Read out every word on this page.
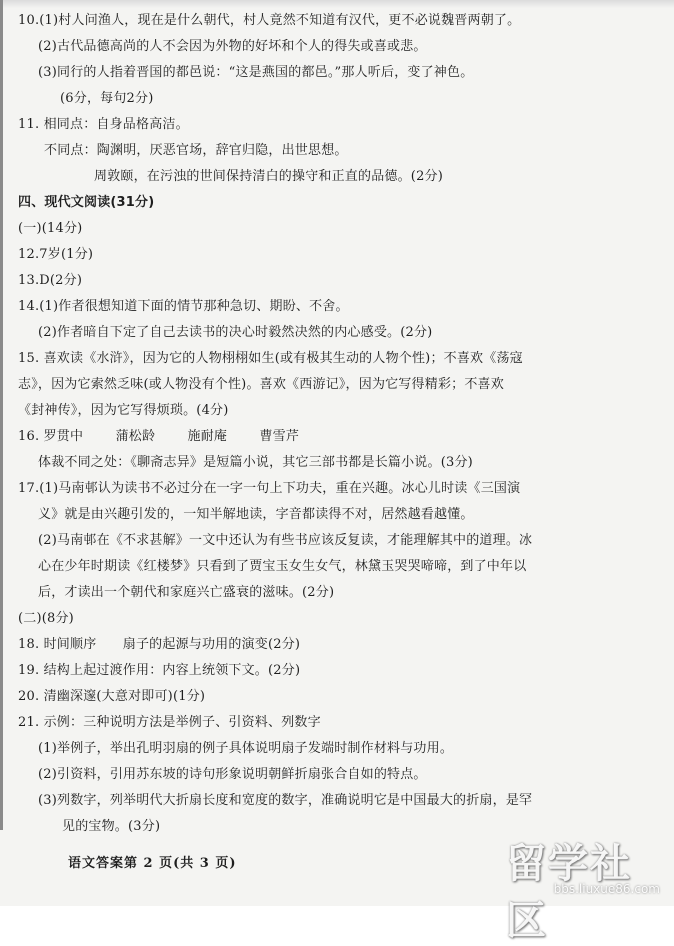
10.(1)村人问渔人，现在是什么朝代，村人竟然不知道有汉代，更不必说魏晋两朝了。
(2)古代品德高尚的人不会因为外物的好坏和个人的得失或喜或悲。
(3)同行的人指着晋国的都邑说：“这是燕国的都邑。”那人听后，变了神色。
(6分，每句2分)
11. 相同点：自身品格高洁。
不同点：陶渊明，厌恶官场，辞官归隐，出世思想。
周敦颐，在污浊的世间保持清白的操守和正直的品德。(2分)
四、现代文阅读(31分)
(一)(14分)
12.7岁(1分)
13.D(2分)
14.(1)作者很想知道下面的情节那种急切、期盼、不舍。
(2)作者暗自下定了自己去读书的决心时毅然决然的内心感受。(2分)
15. 喜欢读《水浒》，因为它的人物栩栩如生(或有极其生动的人物个性)；不喜欢《荡寇
志》，因为它索然乏味(或人物没有个性)。喜欢《西游记》，因为它写得精彩；不喜欢
《封神传》，因为它写得烦琐。(4分)
16. 罗贯中 蒲松龄 施耐庵 曹雪芹
体裁不同之处：《聊斋志异》是短篇小说，其它三部书都是长篇小说。(3分)
17.(1)马南邨认为读书不必过分在一字一句上下功夫，重在兴趣。冰心儿时读《三国演
义》就是由兴趣引发的，一知半解地读，字音都读得不对，居然越看越懂。
(2)马南邨在《不求甚解》一文中还认为有些书应该反复读，才能理解其中的道理。冰
心在少年时期读《红楼梦》只看到了贾宝玉女生女气，林黛玉哭哭啼啼，到了中年以
后，才读出一个朝代和家庭兴亡盛衰的滋味。(2分)
(二)(8分)
18. 时间顺序 扇子的起源与功用的演变(2分)
19. 结构上起过渡作用：内容上统领下文。(2分)
20. 清幽深邃(大意对即可)(1分)
21. 示例：三种说明方法是举例子、引资料、列数字
(1)举例子，举出孔明羽扇的例子具体说明扇子发端时制作材料与功用。
(2)引资料，引用苏东坡的诗句形象说明朝鲜折扇张合自如的特点。
(3)列数字，列举明代大折扇长度和宽度的数字，准确说明它是中国最大的折扇，是罕
见的宝物。(3分)
语文答案第 2 页(共 3 页)	留学社区
bbs.liuxue86.com
